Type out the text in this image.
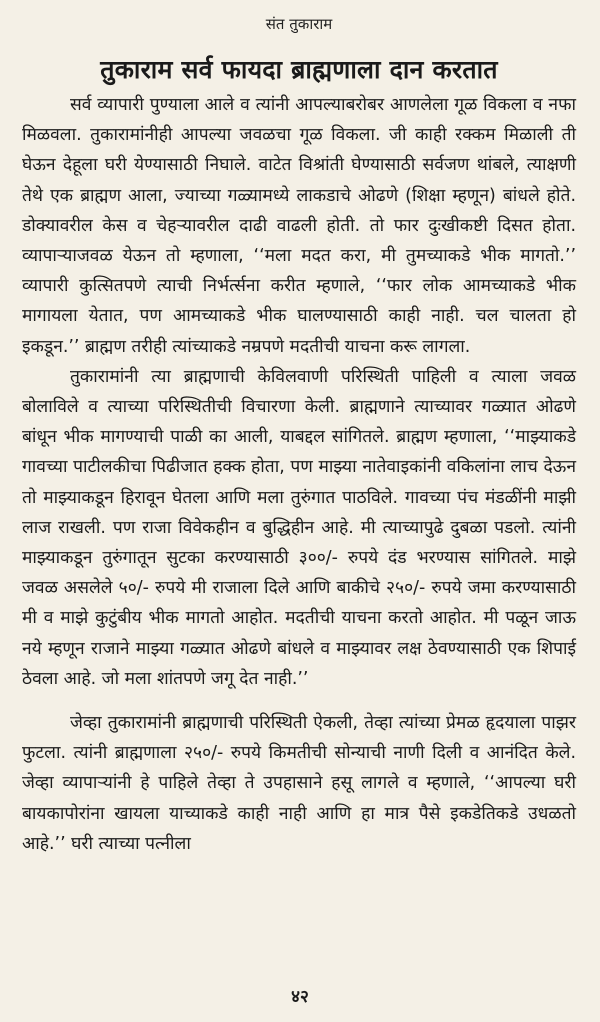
संत तुकाराम
तुकाराम सर्व फायदा ब्राह्मणाला दान करतात

सर्व व्यापारी पुण्याला आले व त्यांनी आपल्याबरोबर आणलेला गूळ विकला व नफा मिळवला. तुकारामांनीही आपल्या जवळचा गूळ विकला. जी काही रक्कम मिळाली ती घेऊन देहूला घरी येण्यासाठी निघाले. वाटेत विश्रांती घेण्यासाठी सर्वजण थांबले, त्याक्षणी तेथे एक ब्राह्मण आला, ज्याच्या गळ्यामध्ये लाकडाचे ओढणे (शिक्षा म्हणून) बांधले होते. डोक्यावरील केस व चेहऱ्यावरील दाढी वाढली होती. तो फार दुःखीकष्टी दिसत होता. व्यापाऱ्याजवळ येऊन तो म्हणाला, ‘‘मला मदत करा, मी तुमच्याकडे भीक मागतो.’’ व्यापारी कुत्सितपणे त्याची निर्भर्त्सना करीत म्हणाले, ‘‘फार लोक आमच्याकडे भीक मागायला येतात, पण आमच्याकडे भीक घालण्यासाठी काही नाही. चल चालता हो इकडून.’’ ब्राह्मण तरीही त्यांच्याकडे नम्रपणे मदतीची याचना करू लागला.

तुकारामांनी त्या ब्राह्मणाची केविलवाणी परिस्थिती पाहिली व त्याला जवळ बोलाविले व त्याच्या परिस्थितीची विचारणा केली. ब्राह्मणाने त्याच्यावर गळ्यात ओढणे बांधून भीक मागण्याची पाळी का आली, याबद्दल सांगितले. ब्राह्मण म्हणाला, ‘‘माझ्याकडे गावच्या पाटीलकीचा पिढीजात हक्क होता, पण माझ्या नातेवाइकांनी वकिलांना लाच देऊन तो माझ्याकडून हिरावून घेतला आणि मला तुरुंगात पाठविले. गावच्या पंच मंडळींनी माझी लाज राखली. पण राजा विवेकहीन व बुद्धिहीन आहे. मी त्याच्यापुढे दुबळा पडलो. त्यांनी माझ्याकडून तुरुंगातून सुटका करण्यासाठी ३००/- रुपये दंड भरण्यास सांगितले. माझे जवळ असलेले ५०/- रुपये मी राजाला दिले आणि बाकीचे २५०/- रुपये जमा करण्यासाठी मी व माझे कुटुंबीय भीक मागतो आहोत. मदतीची याचना करतो आहोत. मी पळून जाऊ नये म्हणून राजाने माझ्या गळ्यात ओढणे बांधले व माझ्यावर लक्ष ठेवण्यासाठी एक शिपाई ठेवला आहे. जो मला शांतपणे जगू देत नाही.’’

जेव्हा तुकारामांनी ब्राह्मणाची परिस्थिती ऐकली, तेव्हा त्यांच्या प्रेमळ हृदयाला पाझर फुटला. त्यांनी ब्राह्मणाला २५०/- रुपये किमतीची सोन्याची नाणी दिली व आनंदित केले. जेव्हा व्यापाऱ्यांनी हे पाहिले तेव्हा ते उपहासाने हसू लागले व म्हणाले, ‘‘आपल्या घरी बायकापोरांना खायला याच्याकडे काही नाही आणि हा मात्र पैसे इकडेतिकडे उधळतो आहे.’’ घरी त्याच्या पत्नीला

४२
